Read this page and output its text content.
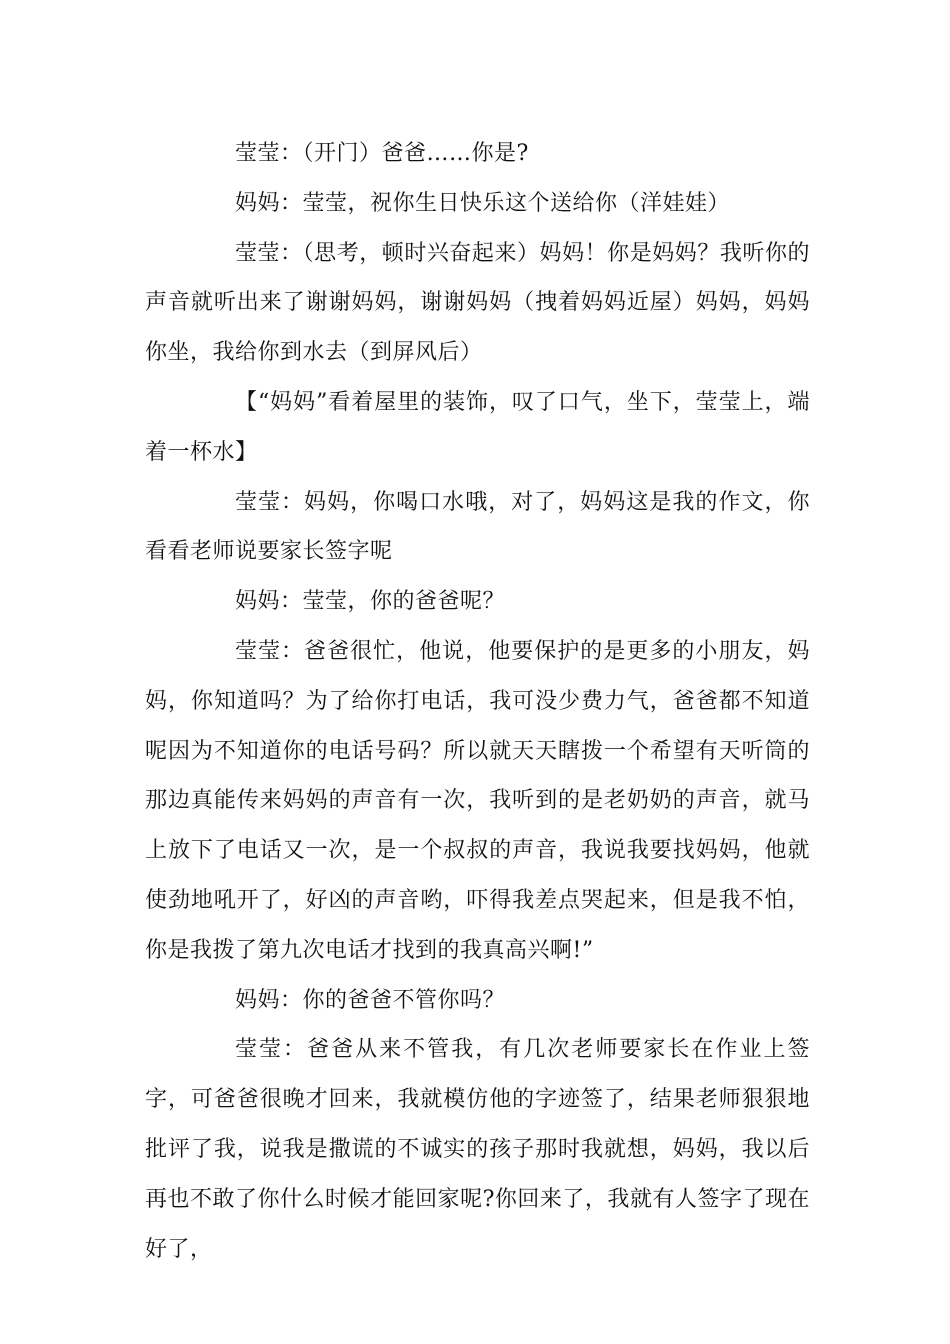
莹莹：（开门）爸爸……你是?

妈妈：莹莹，祝你生日快乐这个送给你（洋娃娃）

莹莹：（思考，顿时兴奋起来）妈妈！你是妈妈？我听你的声音就听出来了谢谢妈妈，谢谢妈妈（拽着妈妈近屋）妈妈，妈妈你坐，我给你到水去（到屏风后）

【“妈妈”看着屋里的装饰，叹了口气，坐下，莹莹上，端着一杯水】

莹莹：妈妈，你喝口水哦，对了，妈妈这是我的作文，你看看老师说要家长签字呢

妈妈：莹莹，你的爸爸呢？

莹莹：爸爸很忙，他说，他要保护的是更多的小朋友，妈妈，你知道吗？为了给你打电话，我可没少费力气，爸爸都不知道呢因为不知道你的电话号码？所以就天天瞎拨一个希望有天听筒的那边真能传来妈妈的声音有一次，我听到的是老奶奶的声音，就马上放下了电话又一次，是一个叔叔的声音，我说我要找妈妈，他就使劲地吼开了，好凶的声音哟，吓得我差点哭起来，但是我不怕，你是我拨了第九次电话才找到的我真高兴啊!”

妈妈：你的爸爸不管你吗？

莹莹：爸爸从来不管我，有几次老师要家长在作业上签字，可爸爸很晚才回来，我就模仿他的字迹签了，结果老师狠狠地批评了我，说我是撒谎的不诚实的孩子那时我就想，妈妈，我以后再也不敢了你什么时候才能回家呢?你回来了，我就有人签字了现在好了，
